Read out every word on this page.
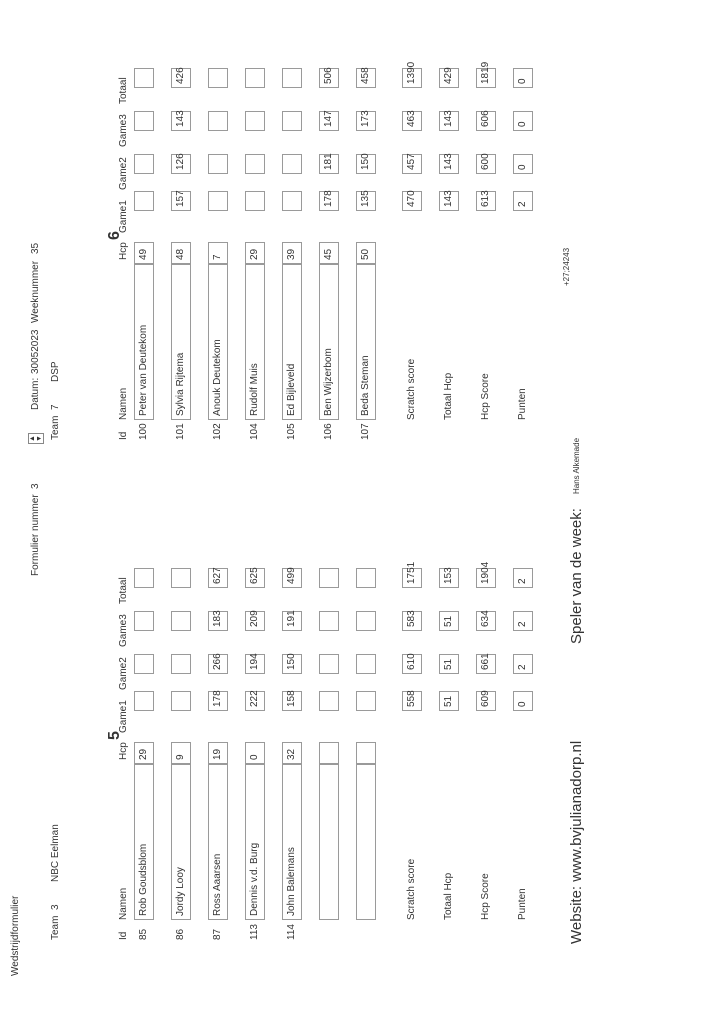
Wedstrijdformulier
Formulier nummer
3
▲
▼
Datum:
30052023
Weeknummer
35
Team
3
NBC Eelman
5
Id
Namen
Hcp
Game1
Game2
Game3
Totaal
85
Rob Goudsblom
29
86
Jordy Looy
9
87
Ross Aaarsen
19
178
266
183
627
113
Dennis v.d. Burg
0
222
194
209
625
114
John Balemans
32
158
150
191
499
Scratch score
558
610
583
1751
Totaal Hcp
51
51
51
153
Hcp Score
609
661
634
1904
Punten
0
2
2
2
Team
7
DSP
6
Id
Namen
Hcp
Game1
Game2
Game3
Totaal
100
Peter van Deutekom
49
101
Sylvia Rijtema
48
157
126
143
426
102
Anouk Deutekom
7
104
Rudolf Muis
29
105
Ed Bijleveld
39
106
Ben Wijzerbom
45
178
181
147
506
107
Beda Steman
50
135
150
173
458
Scratch score
470
457
463
1390
Totaal Hcp
143
143
143
429
Hcp Score
613
600
606
1819
Punten
2
0
0
0
Website: www.bvjulianadorp.nl
Speler van de week:
Hans Alkemade
+27;24243
